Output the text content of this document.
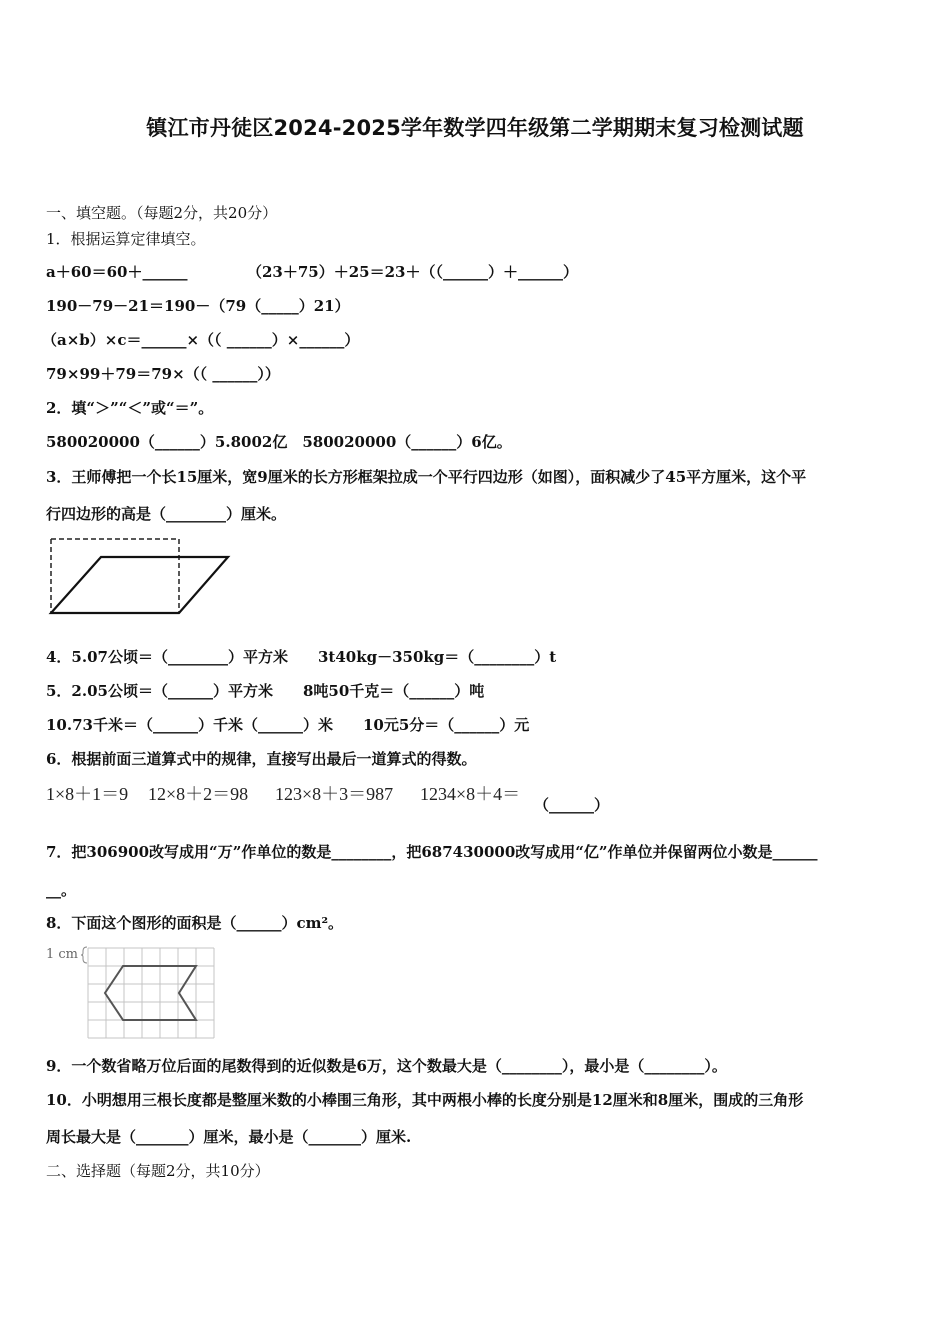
镇江市丹徒区2024-2025学年数学四年级第二学期期末复习检测试题
一、填空题。（每题2分，共20分）
1．根据运算定律填空。
a＋60＝60＋______	（23＋75）＋25＝23＋（（______）＋______）
190－79－21＝190－（79（_____）21）
（a×b）×c＝______×（（ ______）×______）
79×99＋79＝79×（（ ______））
2．填“＞”“＜”或“＝”。
580020000（______）5.8002亿　580020000（______）6亿。
3．王师傅把一个长15厘米，宽9厘米的长方形框架拉成一个平行四边形（如图），面积减少了45平方厘米，这个平
行四边形的高是（________）厘米。
4．5.07公顷＝（________）平方米　　3t40kg－350kg＝（________）t
5．2.05公顷＝（______）平方米　　8吨50千克＝（______）吨
10.73千米＝（______）千米（______）米　　10元5分＝（______）元
6．根据前面三道算式中的规律，直接写出最后一道算式的得数。
1×8＋1＝9 12×8＋2＝98 123×8＋3＝987 1234×8＋4＝
（______）
7．把306900改写成用“万”作单位的数是________，把687430000改写成用“亿”作单位并保留两位小数是______
__。
8．下面这个图形的面积是（______）cm²。
1 cm
9．一个数省略万位后面的尾数得到的近似数是6万，这个数最大是（________），最小是（________）。
10．小明想用三根长度都是整厘米数的小棒围三角形，其中两根小棒的长度分别是12厘米和8厘米，围成的三角形
周长最大是（_______）厘米，最小是（_______）厘米.
二、选择题（每题2分，共10分）
